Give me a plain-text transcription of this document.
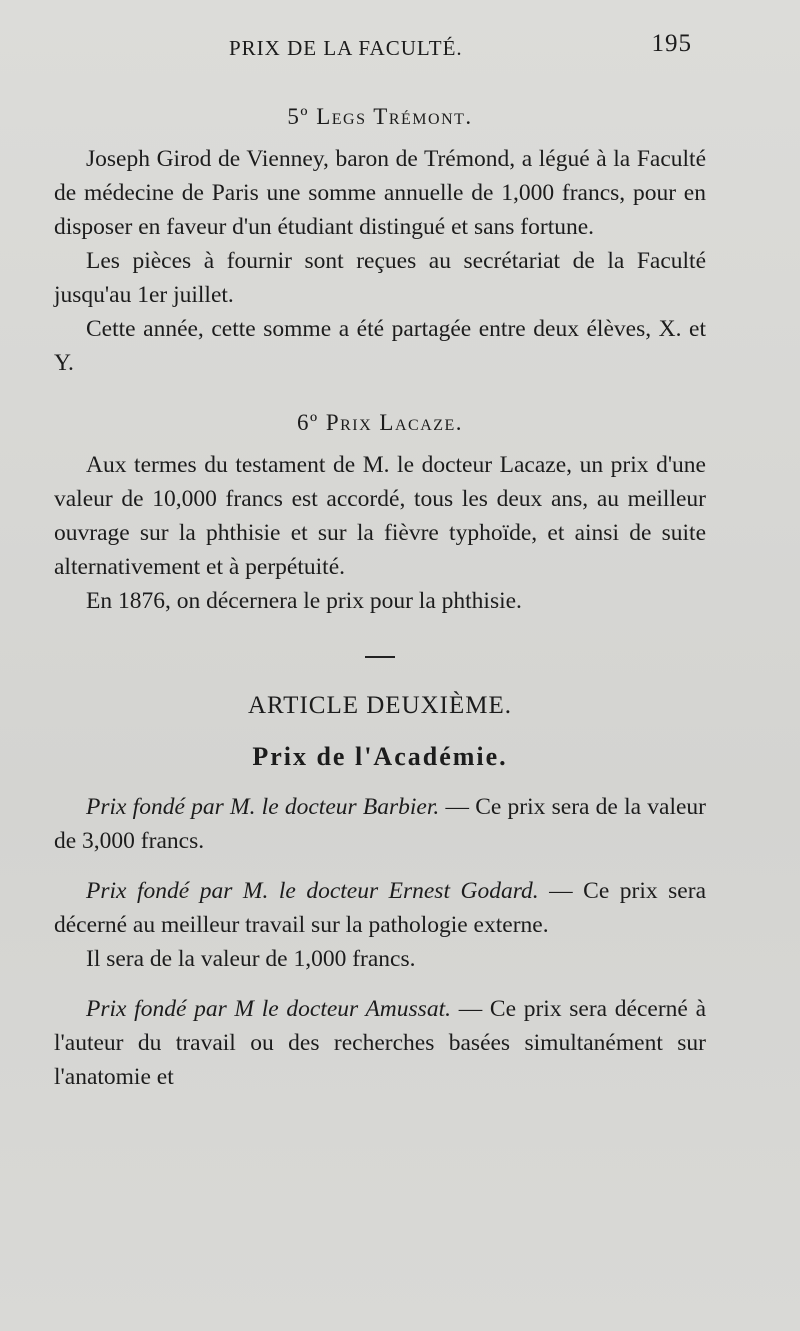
PRIX DE LA FACULTÉ.	195
5º Legs Trémont.

Joseph Girod de Vienney, baron de Trémond, a légué à la Faculté de médecine de Paris une somme annuelle de 1,000 francs, pour en disposer en faveur d'un étudiant distingué et sans fortune.

Les pièces à fournir sont reçues au secrétariat de la Faculté jusqu'au 1er juillet.

Cette année, cette somme a été partagée entre deux élèves, X. et Y.

6º Prix Lacaze.

Aux termes du testament de M. le docteur Lacaze, un prix d'une valeur de 10,000 francs est accordé, tous les deux ans, au meilleur ouvrage sur la phthisie et sur la fièvre typhoïde, et ainsi de suite alternativement et à perpétuité.

En 1876, on décernera le prix pour la phthisie.

ARTICLE DEUXIÈME.
Prix de l'Académie.

Prix fondé par M. le docteur Barbier. — Ce prix sera de la valeur de 3,000 francs.

Prix fondé par M. le docteur Ernest Godard. — Ce prix sera décerné au meilleur travail sur la pathologie externe.

Il sera de la valeur de 1,000 francs.

Prix fondé par M le docteur Amussat. — Ce prix sera décerné à l'auteur du travail ou des recherches basées simultanément sur l'anatomie et
